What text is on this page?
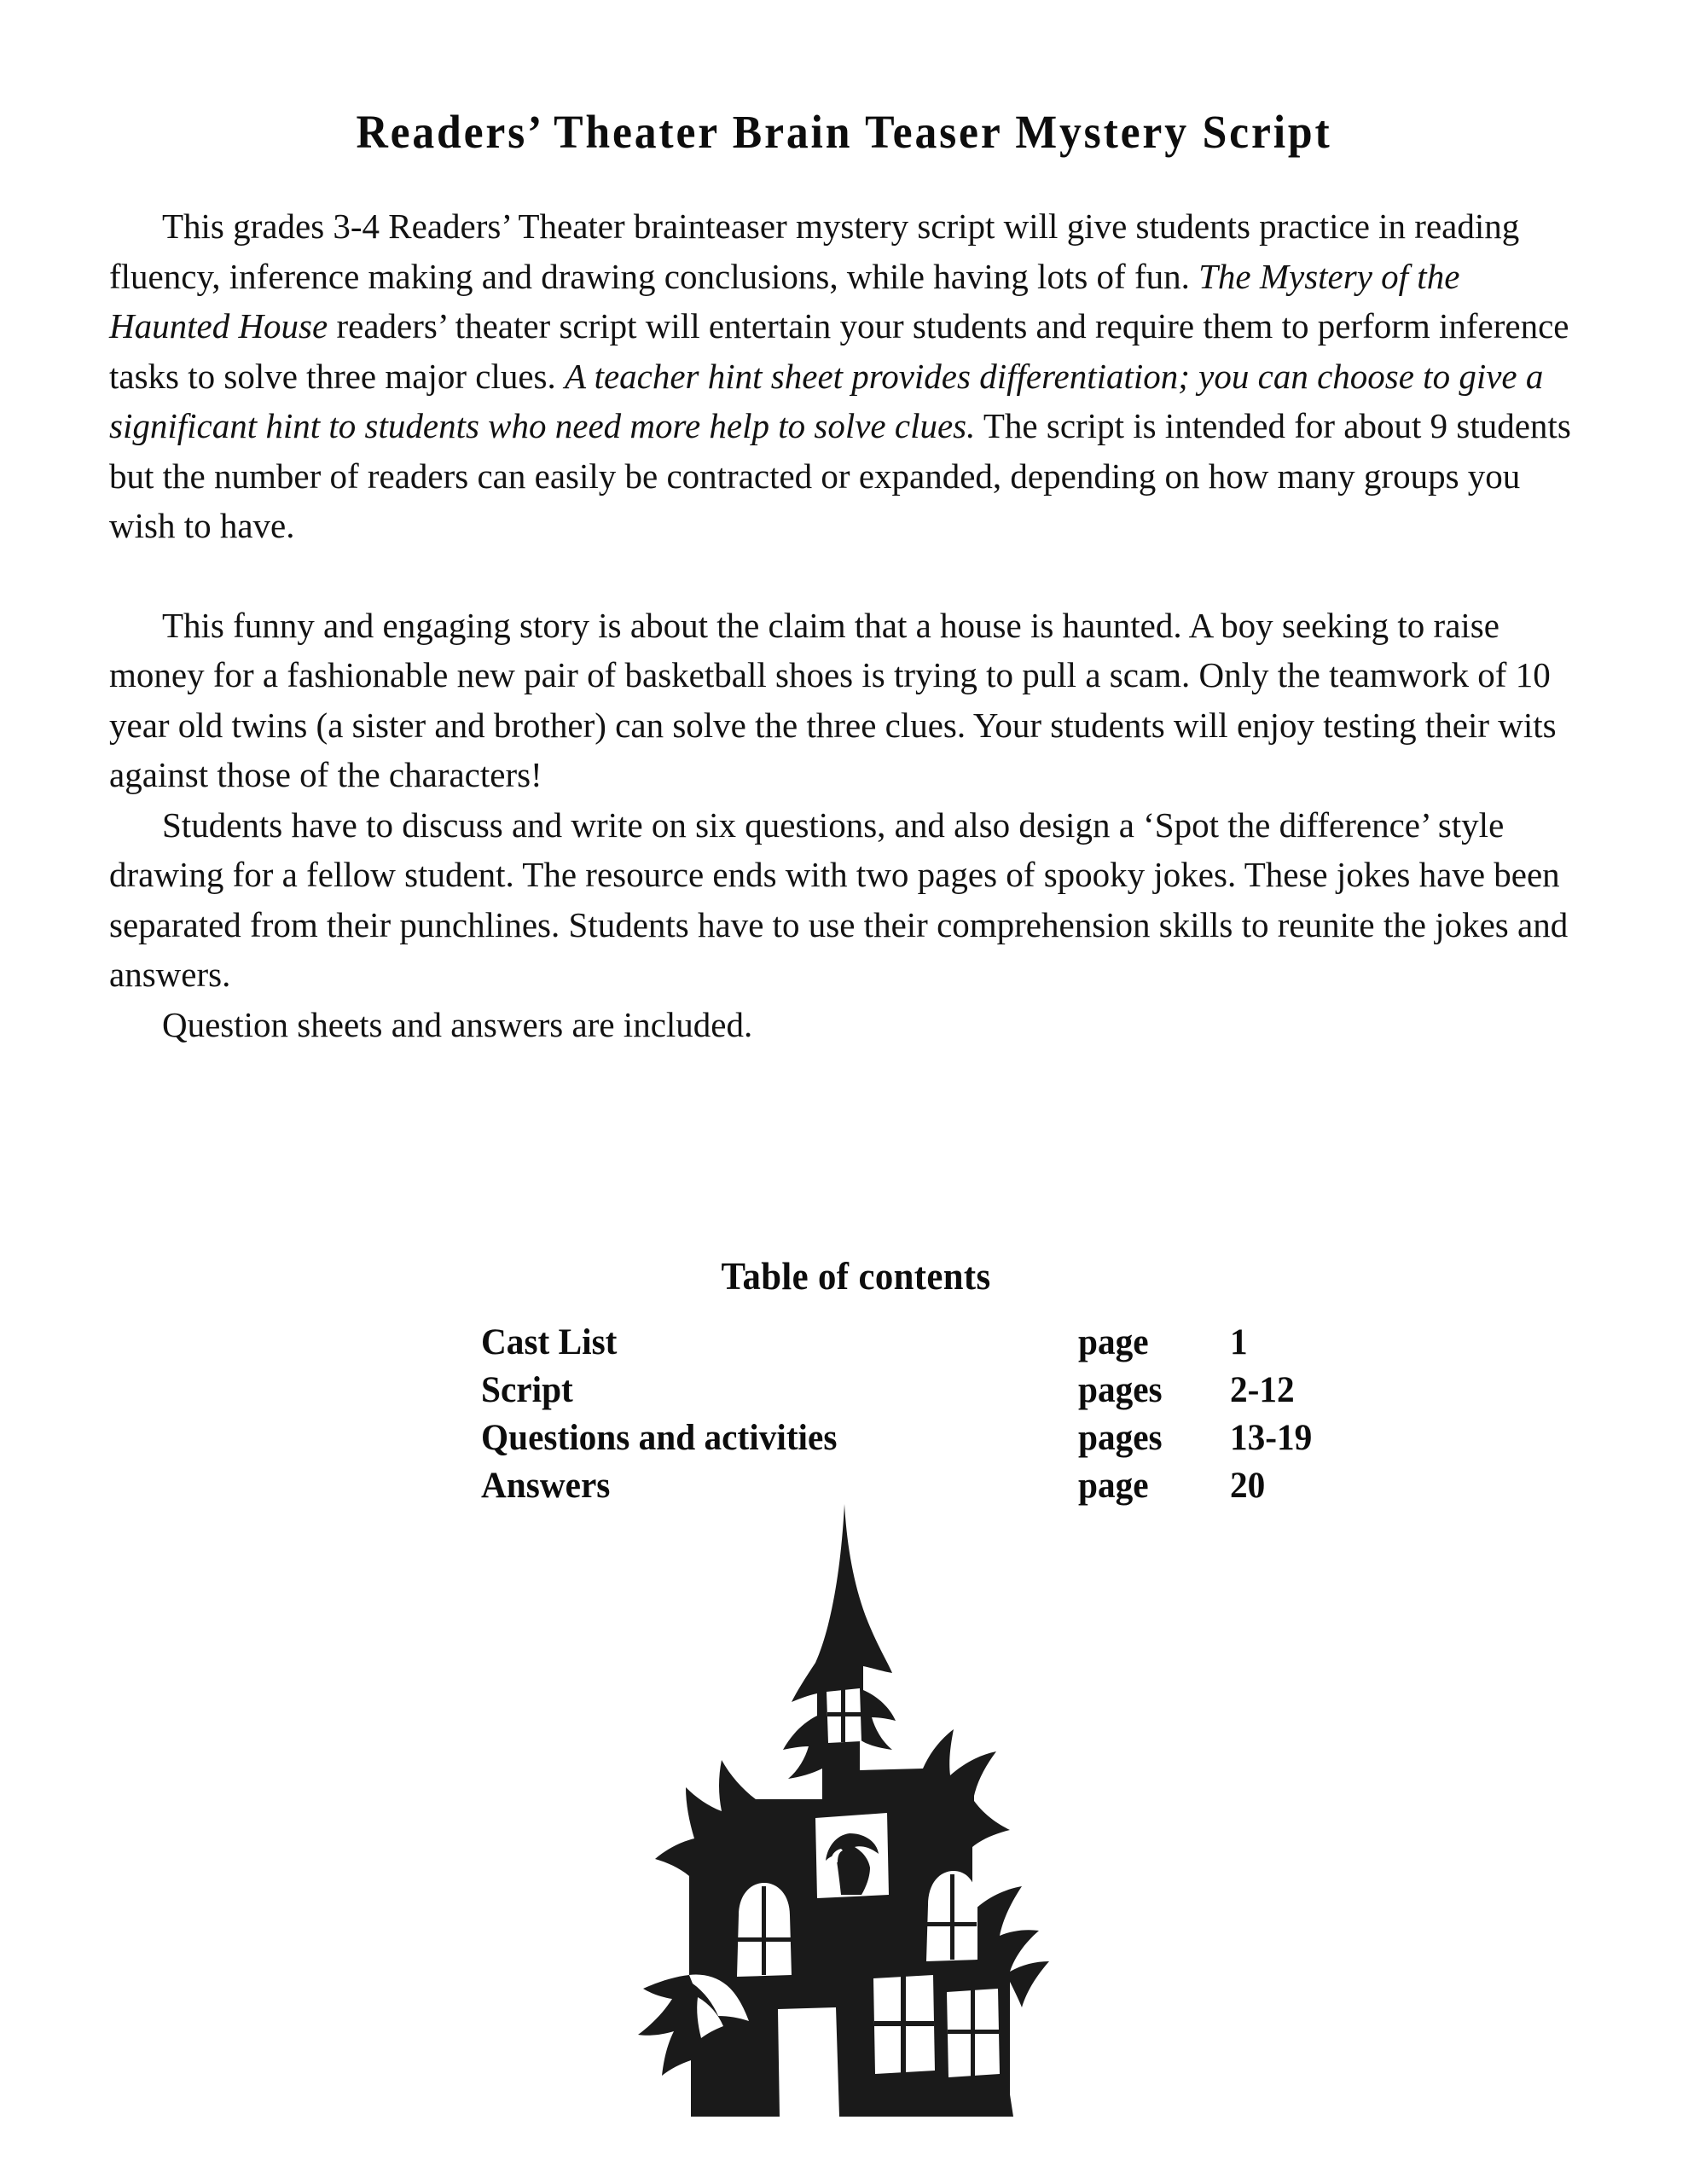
Readers’ Theater Brain Teaser Mystery Script

This grades 3-4 Readers’ Theater brainteaser mystery script will give students practice in reading fluency, inference making and drawing conclusions, while having lots of fun. The Mystery of the Haunted House readers’ theater script will entertain your students and require them to perform inference tasks to solve three major clues. A teacher hint sheet provides differentiation; you can choose to give a significant hint to students who need more help to solve clues. The script is intended for about 9 students but the number of readers can easily be contracted or expanded, depending on how many groups you wish to have.

This funny and engaging story is about the claim that a house is haunted. A boy seeking to raise money for a fashionable new pair of basketball shoes is trying to pull a scam. Only the teamwork of 10 year old twins (a sister and brother) can solve the three clues. Your students will enjoy testing their wits against those of the characters!

Students have to discuss and write on six questions, and also design a ‘Spot the difference’ style drawing for a fellow student. The resource ends with two pages of spooky jokes. These jokes have been separated from their punchlines. Students have to use their comprehension skills to reunite the jokes and answers.

Question sheets and answers are included.

Table of contents
Cast List	page	1
Script	pages	2-12
Questions and activities	pages	13-19
Answers	page	20
